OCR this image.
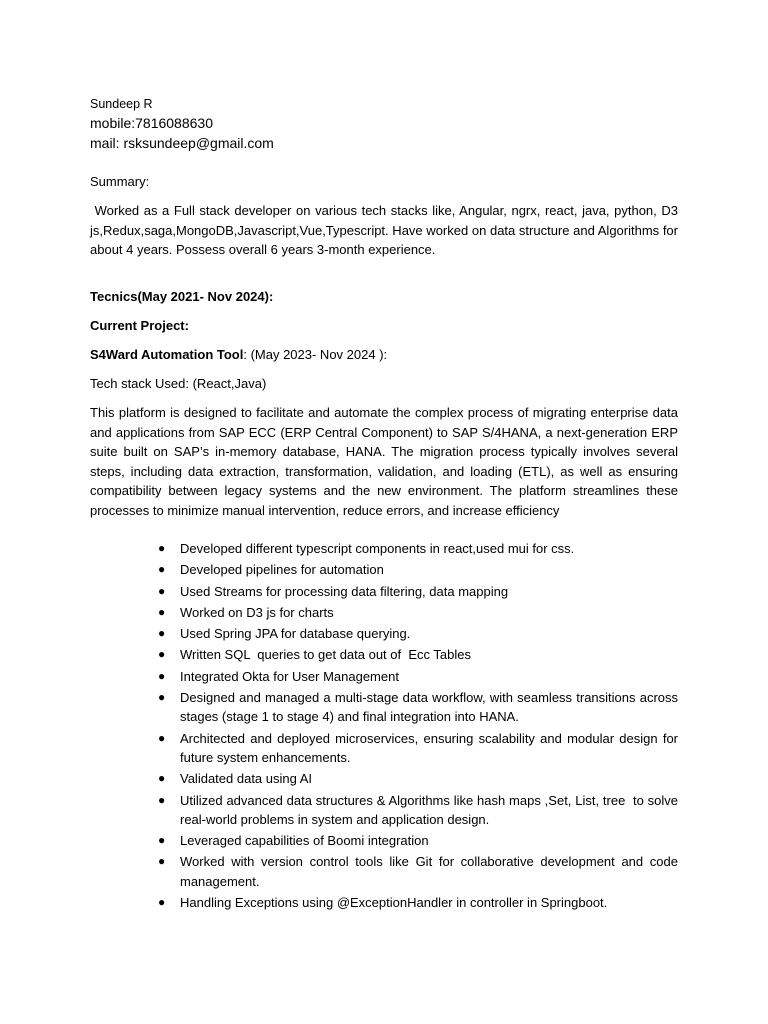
Sundeep R
mobile:7816088630
mail: rsksundeep@gmail.com
Summary:
Worked as a Full stack developer on various tech stacks like, Angular, ngrx, react, java, python, D3 js,Redux,saga,MongoDB,Javascript,Vue,Typescript. Have worked on data structure and Algorithms for about 4 years. Possess overall 6 years 3-month experience.
Tecnics(May 2021- Nov 2024):
Current Project:
S4Ward Automation Tool: (May 2023- Nov 2024 ):
Tech stack Used: (React,Java)
This platform is designed to facilitate and automate the complex process of migrating enterprise data and applications from SAP ECC (ERP Central Component) to SAP S/4HANA, a next-generation ERP suite built on SAP’s in-memory database, HANA. The migration process typically involves several steps, including data extraction, transformation, validation, and loading (ETL), as well as ensuring compatibility between legacy systems and the new environment. The platform streamlines these processes to minimize manual intervention, reduce errors, and increase efficiency
● Developed different typescript components in react,used mui for css.
● Developed pipelines for automation
● Used Streams for processing data filtering, data mapping
● Worked on D3 js for charts
● Used Spring JPA for database querying.
● Written SQL  queries to get data out of  Ecc Tables
● Integrated Okta for User Management
● Designed and managed a multi-stage data workflow, with seamless transitions across stages (stage 1 to stage 4) and final integration into HANA.
● Architected and deployed microservices, ensuring scalability and modular design for future system enhancements.
● Validated data using AI
● Utilized advanced data structures & Algorithms like hash maps ,Set, List, tree  to solve real-world problems in system and application design.
● Leveraged capabilities of Boomi integration
● Worked with version control tools like Git for collaborative development and code management.
● Handling Exceptions using @ExceptionHandler in controller in Springboot.
